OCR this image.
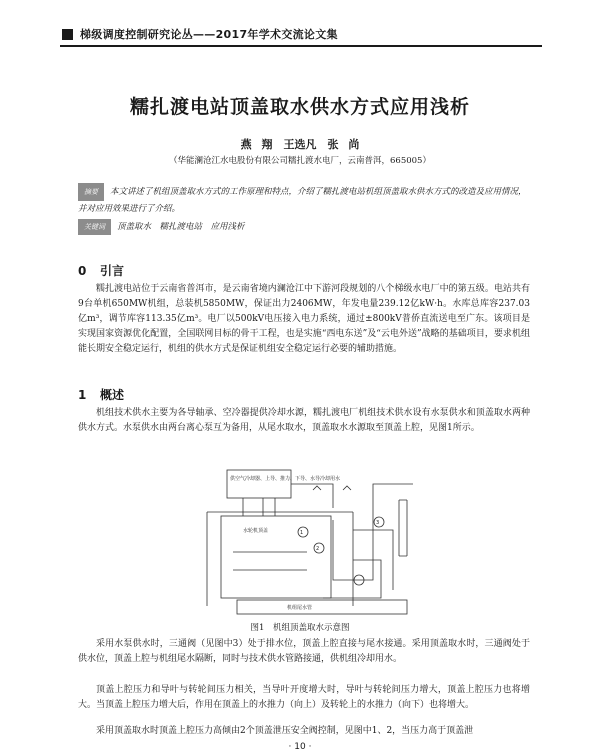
梯级调度控制研究论丛——2017年学术交流论文集
糯扎渡电站顶盖取水供水方式应用浅析
燕 翔　王选凡　张 尚
（华能澜沧江水电股份有限公司糯扎渡水电厂，云南普洱，665005）
摘要 本文讲述了机组顶盖取水方式的工作原理和特点，介绍了糯扎渡电站机组顶盖取水供水方式的改造及应用情况，并对应用效果进行了介绍。
关键词 顶盖取水　糯扎渡电站　应用浅析
0 引言
糯扎渡电站位于云南省普洱市，是云南省境内澜沧江中下游河段规划的八个梯级水电厂中的第五级。电站共有9台单机650MW机组，总装机5850MW，保证出力2406MW，年发电量239.12亿kW·h。水库总库容237.03亿m³，调节库容113.35亿m³。电厂以500kV电压接入电力系统，通过±800kV普侨直流送电至广东。该项目是实现国家资源优化配置，全国联网目标的骨干工程，也是实施“西电东送”及“云电外送”战略的基础项目，要求机组能长期安全稳定运行，机组的供水方式是保证机组安全稳定运行必要的辅助措施。
1 概述
机组技术供水主要为各导轴承、空冷器提供冷却水源，糯扎渡电厂机组技术供水设有水泵供水和顶盖取水两种供水方式。水泵供水由两台离心泵互为备用，从尾水取水，顶盖取水水源取至顶盖上腔，见图1所示。
供空气冷却器、上导、推力、下导、水导冷却用水
水轮机顶盖
机组尾水管
1
2
3
图1　机组顶盖取水示意图
采用水泵供水时，三通阀（见图中3）处于排水位，顶盖上腔直接与尾水接通。采用顶盖取水时，三通阀处于供水位，顶盖上腔与机组尾水隔断，同时与技术供水管路接通，供机组冷却用水。
顶盖上腔压力和导叶与转轮间压力相关，当导叶开度增大时，导叶与转轮间压力增大，顶盖上腔压力也将增大。当顶盖上腔压力增大后，作用在顶盖上的水推力（向上）及转轮上的水推力（向下）也将增大。
采用顶盖取水时顶盖上腔压力高倾由2个顶盖泄压安全阀控制，见图中1、2，当压力高于顶盖泄
· 10 ·
